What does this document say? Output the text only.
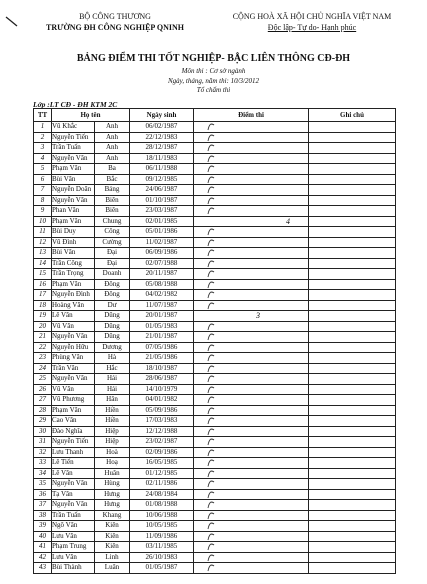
BỘ CÔNG THƯƠNG
TRƯỜNG ĐH CÔNG NGHIỆP QNINH
CỘNG HOÀ XÃ HỘI CHỦ NGHĨA VIỆT NAM
Độc lập- Tự do- Hạnh phúc
BẢNG ĐIỂM THI TỐT NGHIỆP- BẬC LIÊN THÔNG CĐ-ĐH
Môn thi : Cơ sở ngành
Ngày, tháng, năm thi: 10/3/2012
Tổ chấm thi
Lớp :LT CĐ - ĐH KTM 2C
TT	Họ tên		Ngày sinh	Điểm thi	Ghi chú
1	Vũ Khắc	Anh	06/02/1987	

2	Nguyễn Tiến	Anh	22/12/1983	

3	Trần Tuấn	Anh	28/12/1987	

4	Nguyễn Văn	Anh	18/11/1983	

5	Phạm Văn	Ba	06/11/1988	

6	Bùi Văn	Bắc	09/12/1985	

7	Nguyễn Doãn	Bảng	24/06/1987	

8	Nguyễn Văn	Biên	01/10/1987	

9	Phan Văn	Biên	23/03/1987	

10	Phạm Văn	Chung	02/01/1985	4	

11	Bùi Duy	Công	05/01/1986	

12	Vũ Đình	Cường	11/02/1987	

13	Bùi Văn	Đại	06/09/1986	

14	Trần Công	Đại	02/07/1988	

15	Trần Trọng	Doanh	20/11/1987	

16	Phạm Văn	Đông	05/08/1988	

17	Nguyễn Đình	Đông	04/02/1982	

18	Hoàng Văn	Dư	11/07/1987	

19	Lê Văn	Dũng	20/01/1987	3	

20	Vũ Văn	Dũng	01/05/1983	

21	Nguyễn Văn	Dũng	21/01/1987	

22	Nguyễn Hữu	Dương	07/05/1986	

23	Phùng Văn	Hà	21/05/1986	

24	Trần Văn	Hắc	18/10/1987	

25	Nguyễn Văn	Hải	28/06/1987	

26	Vũ Văn	Hải	14/10/1979	

27	Vũ Phương	Hân	04/01/1982	

28	Phạm Văn	Hiền	05/09/1986	

29	Cao Văn	Hiền	17/03/1983	

30	Đào Nghĩa	Hiệp	12/12/1988	

31	Nguyễn Tiến	Hiệp	23/02/1987	

32	Lưu Thanh	Hoà	02/09/1986	

33	Lê Tiến	Hoạ	16/05/1985	

34	Lê Văn	Huân	01/12/1985	

35	Nguyễn Văn	Hùng	02/11/1986	

36	Tạ Văn	Hưng	24/08/1984	

37	Nguyễn Văn	Hưng	01/08/1988	

38	Trần Tuấn	Khang	10/06/1988	

39	Ngô Văn	Kiên	10/05/1985	

40	Lưu Văn	Kiên	11/09/1986	

41	Phạm Trung	Kiên	03/11/1985	

42	Lưu Văn	Linh	26/10/1983	

43	Bùi Thành	Luân	01/05/1987	
